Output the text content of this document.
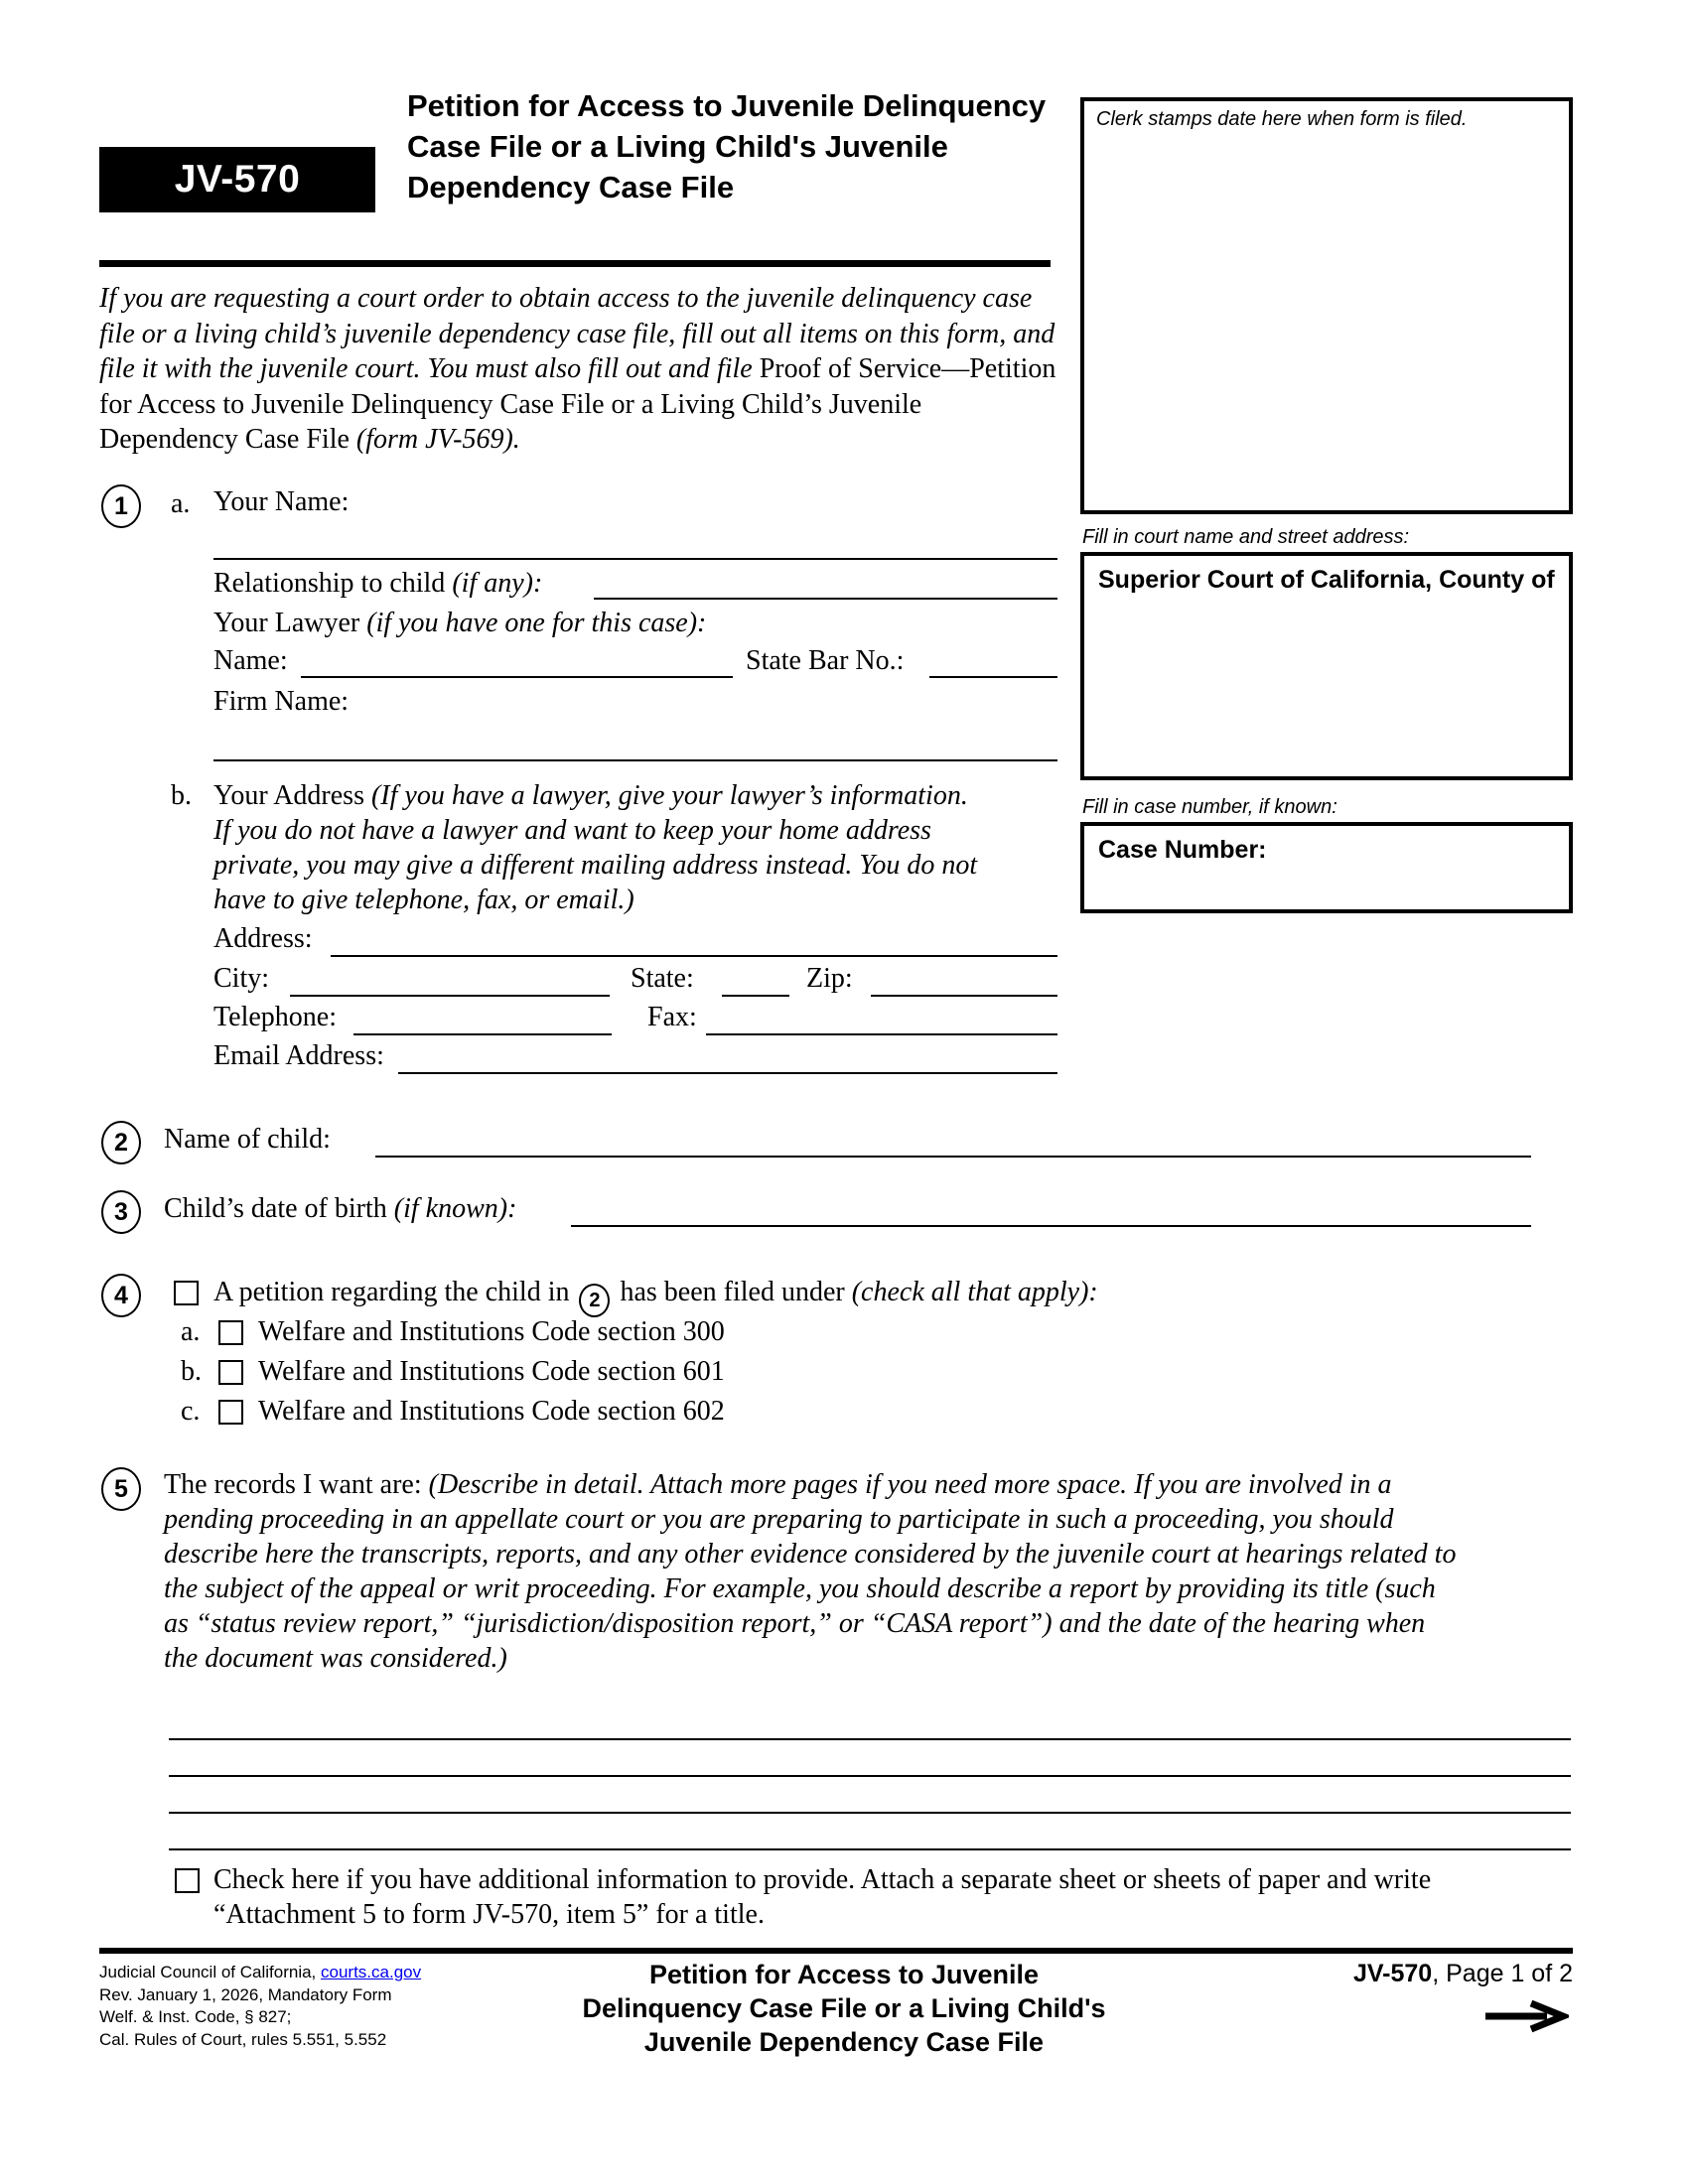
JV-570
Petition for Access to Juvenile Delinquency Case File or a Living Child's Juvenile Dependency Case File
If you are requesting a court order to obtain access to the juvenile delinquency case file or a living child’s juvenile dependency case file, fill out all items on this form, and file it with the juvenile court. You must also fill out and file Proof of Service—Petition for Access to Juvenile Delinquency Case File or a Living Child’s Juvenile Dependency Case File (form JV-569).
Clerk stamps date here when form is filed.
Fill in court name and street address:
Superior Court of California, County of
Fill in case number, if known:
Case Number:
1	a. Your Name:
Relationship to child (if any):
Your Lawyer (if you have one for this case):
Name:	State Bar No.:
Firm Name:
b. Your Address (If you have a lawyer, give your lawyer’s information.
If you do not have a lawyer and want to keep your home address
private, you may give a different mailing address instead. You do not
have to give telephone, fax, or email.)
Address:
City:	State:	Zip:
Telephone:	Fax:
Email Address:
2	Name of child:
3	Child’s date of birth (if known):
4	A petition regarding the child in 2 has been filed under (check all that apply):
a. Welfare and Institutions Code section 300
b. Welfare and Institutions Code section 601
c. Welfare and Institutions Code section 602
5	The records I want are: (Describe in detail. Attach more pages if you need more space. If you are involved in a
pending proceeding in an appellate court or you are preparing to participate in such a proceeding, you should
describe here the transcripts, reports, and any other evidence considered by the juvenile court at hearings related to
the subject of the appeal or writ proceeding. For example, you should describe a report by providing its title (such
as “status review report,” “jurisdiction/disposition report,” or “CASA report”) and the date of the hearing when
the document was considered.)
Check here if you have additional information to provide. Attach a separate sheet or sheets of paper and write
“Attachment 5 to form JV-570, item 5” for a title.
Judicial Council of California, courts.ca.gov
Rev. January 1, 2026, Mandatory Form
Welf. & Inst. Code, § 827;
Cal. Rules of Court, rules 5.551, 5.552
Petition for Access to Juvenile
Delinquency Case File or a Living Child's
Juvenile Dependency Case File
JV-570, Page 1 of 2
